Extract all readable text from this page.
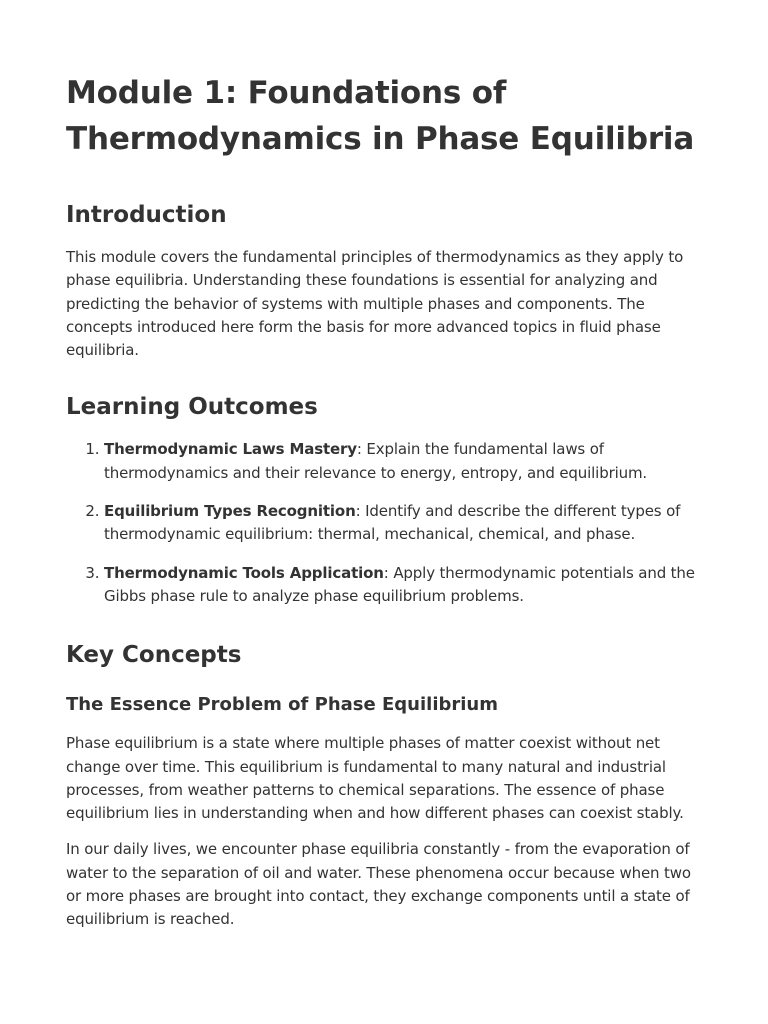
Module 1: Foundations of Thermodynamics in Phase Equilibria
Introduction

This module covers the fundamental principles of thermodynamics as they apply to phase equilibria. Understanding these foundations is essential for analyzing and predicting the behavior of systems with multiple phases and components. The concepts introduced here form the basis for more advanced topics in fluid phase equilibria.

Learning Outcomes
1. Thermodynamic Laws Mastery: Explain the fundamental laws of thermodynamics and their relevance to energy, entropy, and equilibrium.
2. Equilibrium Types Recognition: Identify and describe the different types of thermodynamic equilibrium: thermal, mechanical, chemical, and phase.
3. Thermodynamic Tools Application: Apply thermodynamic potentials and the Gibbs phase rule to analyze phase equilibrium problems.
Key Concepts
The Essence Problem of Phase Equilibrium

Phase equilibrium is a state where multiple phases of matter coexist without net change over time. This equilibrium is fundamental to many natural and industrial processes, from weather patterns to chemical separations. The essence of phase equilibrium lies in understanding when and how different phases can coexist stably.

In our daily lives, we encounter phase equilibria constantly - from the evaporation of water to the separation of oil and water. These phenomena occur because when two or more phases are brought into contact, they exchange components until a state of equilibrium is reached.
